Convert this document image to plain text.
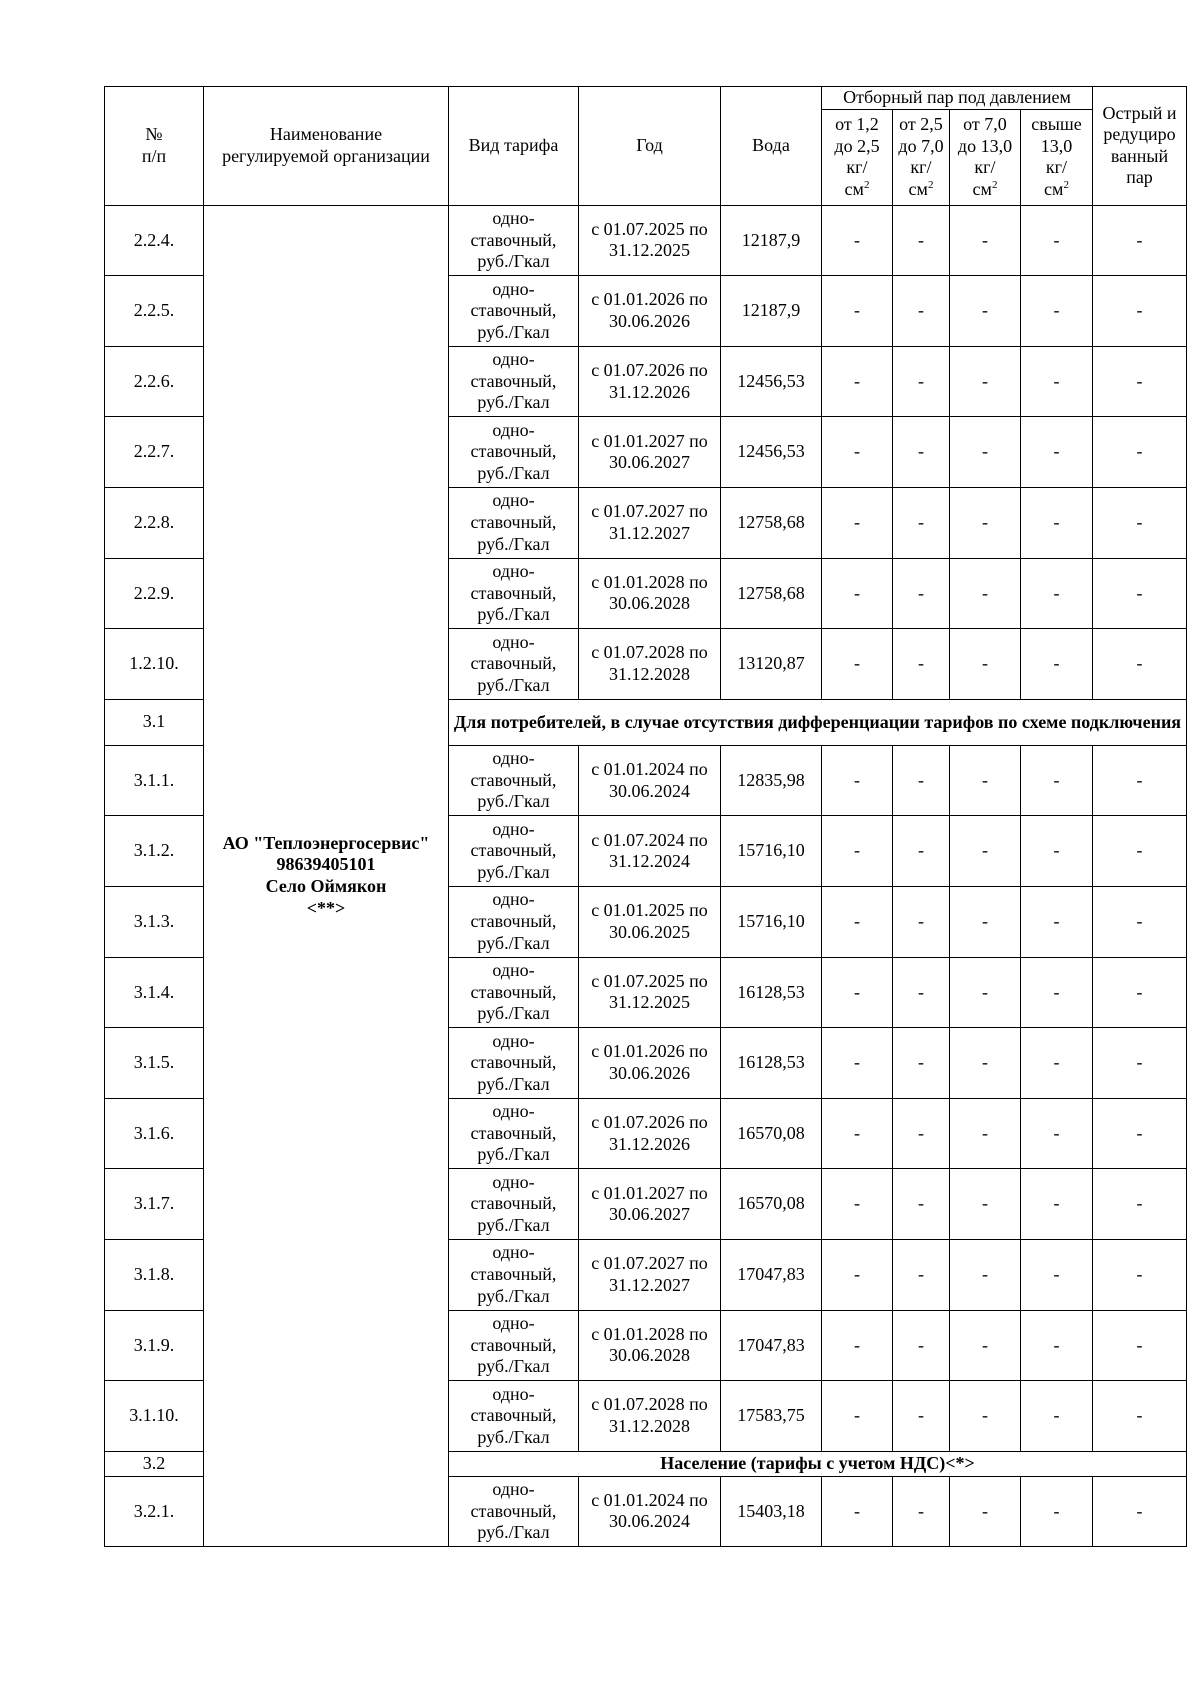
№
п/п	Наименование
регулируемой организации	Вид тарифа	Год	Вода	Отборный пар под давлением				Острый и
редуциро
ванный
пар
					от 1,2
до 2,5
кг/
$см^2$	от 2,5
до 7,0
кг/
$см^2$	от 7,0
до 13,0
кг/
$см^2$	свыше
13,0
кг/
$см^2$
2.2.4.	АО "Теплоэнергосервис"
98639405101
Село Оймякон
<**>	одно-
ставочный,
руб./Гкал	с 01.07.2025 по
31.12.2025	12187,9	-	-	-	-	-
2.2.5.		одно-
ставочный,
руб./Гкал	с 01.01.2026 по
30.06.2026	12187,9	-	-	-	-	-
2.2.6.		одно-
ставочный,
руб./Гкал	с 01.07.2026 по
31.12.2026	12456,53	-	-	-	-	-
2.2.7.		одно-
ставочный,
руб./Гкал	с 01.01.2027 по
30.06.2027	12456,53	-	-	-	-	-
2.2.8.		одно-
ставочный,
руб./Гкал	с 01.07.2027 по
31.12.2027	12758,68	-	-	-	-	-
2.2.9.		одно-
ставочный,
руб./Гкал	с 01.01.2028 по
30.06.2028	12758,68	-	-	-	-	-
1.2.10.		одно-
ставочный,
руб./Гкал	с 01.07.2028 по
31.12.2028	13120,87	-	-	-	-	-
3.1		Для потребителей, в случае отсутствия дифференциации тарифов по схеме подключения							
3.1.1.		одно-
ставочный,
руб./Гкал	с 01.01.2024 по
30.06.2024	12835,98	-	-	-	-	-
3.1.2.		одно-
ставочный,
руб./Гкал	с 01.07.2024 по
31.12.2024	15716,10	-	-	-	-	-
3.1.3.		одно-
ставочный,
руб./Гкал	с 01.01.2025 по
30.06.2025	15716,10	-	-	-	-	-
3.1.4.		одно-
ставочный,
руб./Гкал	с 01.07.2025 по
31.12.2025	16128,53	-	-	-	-	-
3.1.5.		одно-
ставочный,
руб./Гкал	с 01.01.2026 по
30.06.2026	16128,53	-	-	-	-	-
3.1.6.		одно-
ставочный,
руб./Гкал	с 01.07.2026 по
31.12.2026	16570,08	-	-	-	-	-
3.1.7.		одно-
ставочный,
руб./Гкал	с 01.01.2027 по
30.06.2027	16570,08	-	-	-	-	-
3.1.8.		одно-
ставочный,
руб./Гкал	с 01.07.2027 по
31.12.2027	17047,83	-	-	-	-	-
3.1.9.		одно-
ставочный,
руб./Гкал	с 01.01.2028 по
30.06.2028	17047,83	-	-	-	-	-
3.1.10.		одно-
ставочный,
руб./Гкал	с 01.07.2028 по
31.12.2028	17583,75	-	-	-	-	-
3.2		Население (тарифы с учетом НДС)<*>							
3.2.1.		одно-
ставочный,
руб./Гкал	с 01.01.2024 по
30.06.2024	15403,18	-	-	-	-	-
